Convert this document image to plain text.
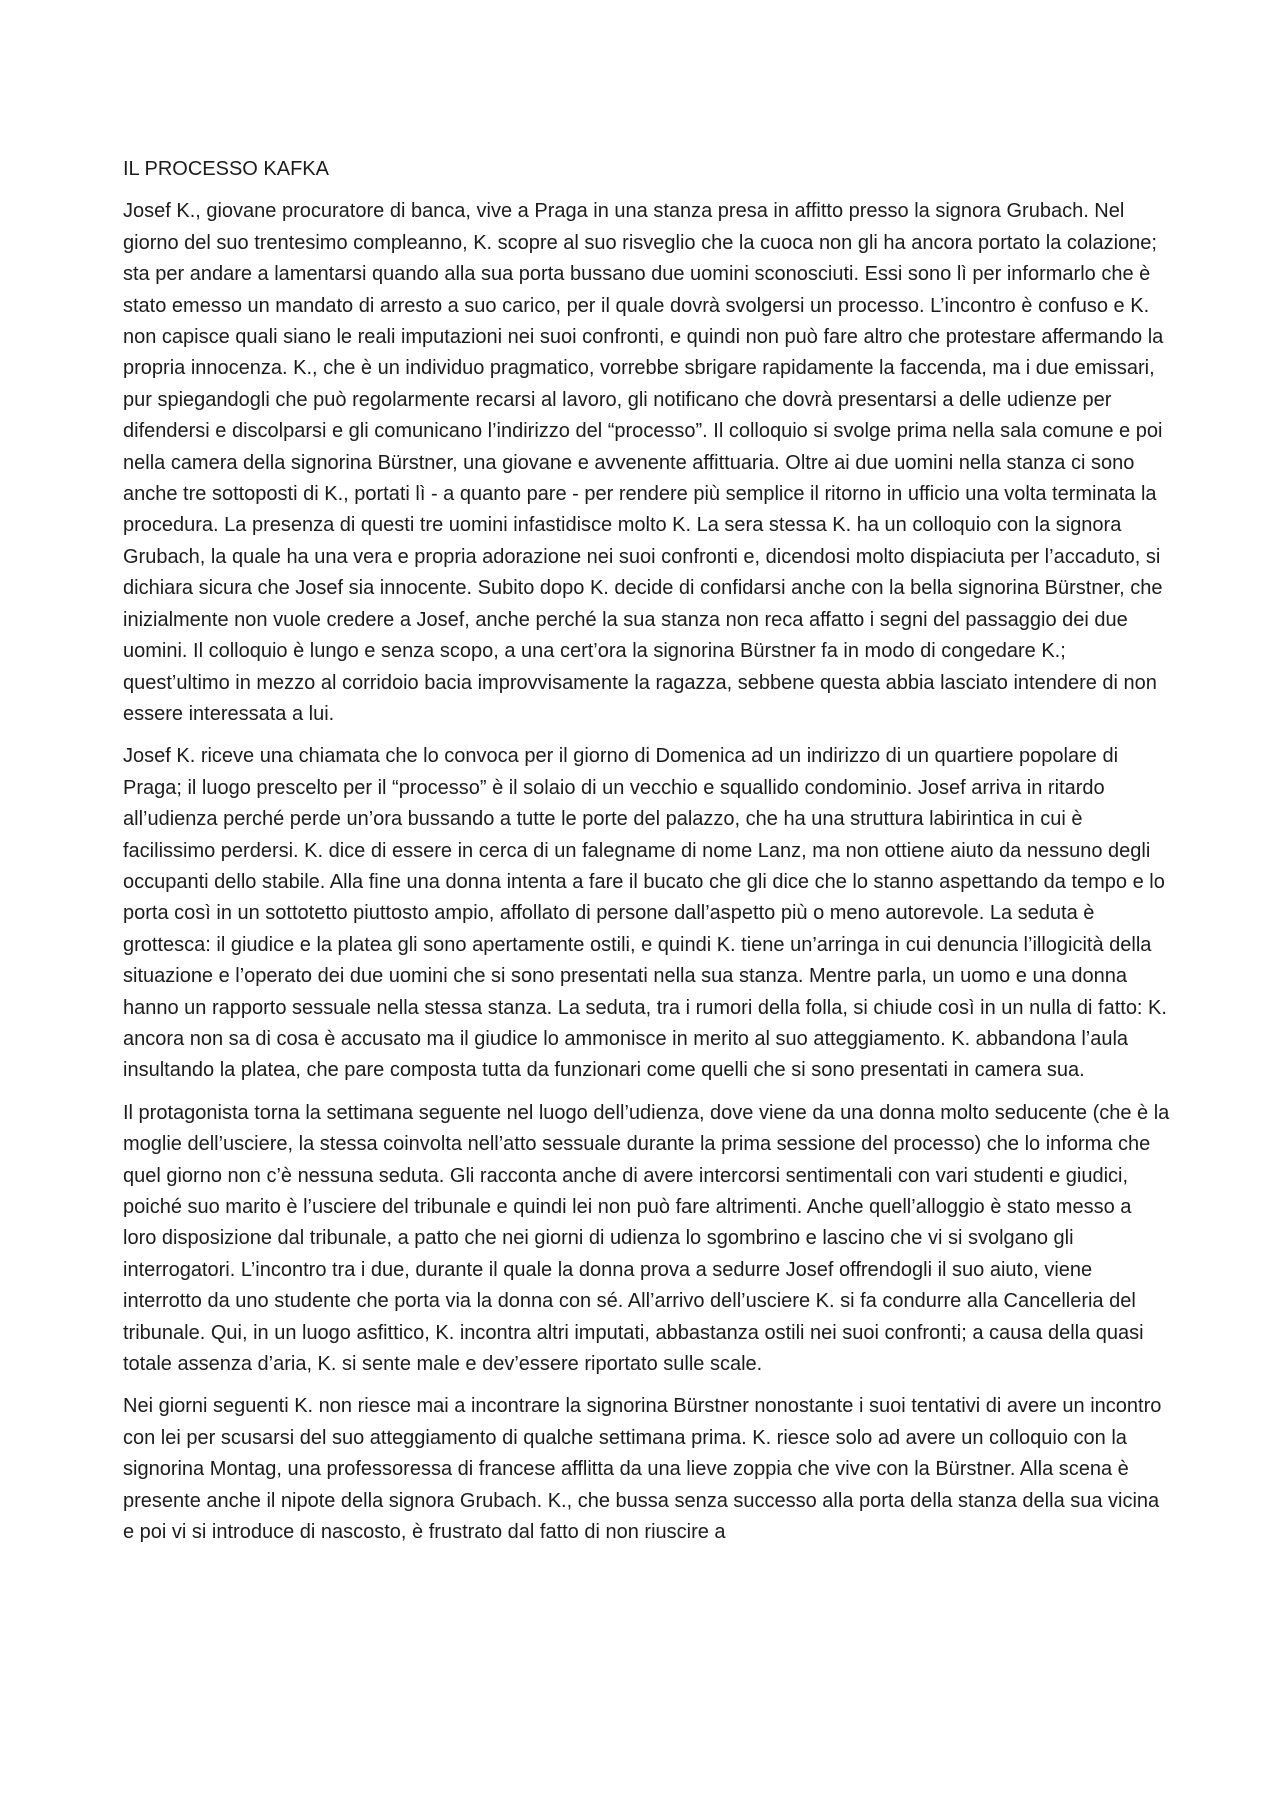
IL PROCESSO KAFKA

Josef K., giovane procuratore di banca, vive a Praga in una stanza presa in affitto presso la signora Grubach. Nel giorno del suo trentesimo compleanno, K. scopre al suo risveglio che la cuoca non gli ha ancora portato la colazione; sta per andare a lamentarsi quando alla sua porta bussano due uomini sconosciuti. Essi sono lì per informarlo che è stato emesso un mandato di arresto a suo carico, per il quale dovrà svolgersi un processo. L’incontro è confuso e K. non capisce quali siano le reali imputazioni nei suoi confronti, e quindi non può fare altro che protestare affermando la propria innocenza. K., che è un individuo pragmatico, vorrebbe sbrigare rapidamente la faccenda, ma i due emissari, pur spiegandogli che può regolarmente recarsi al lavoro, gli notificano che dovrà presentarsi a delle udienze per difendersi e discolparsi e gli comunicano l’indirizzo del “processo”. Il colloquio si svolge prima nella sala comune e poi nella camera della signorina Bürstner, una giovane e avvenente affittuaria. Oltre ai due uomini nella stanza ci sono anche tre sottoposti di K., portati lì - a quanto pare - per rendere più semplice il ritorno in ufficio una volta terminata la procedura. La presenza di questi tre uomini infastidisce molto K. La sera stessa K. ha un colloquio con la signora Grubach, la quale ha una vera e propria adorazione nei suoi confronti e, dicendosi molto dispiaciuta per l’accaduto, si dichiara sicura che Josef sia innocente. Subito dopo K. decide di confidarsi anche con la bella signorina Bürstner, che inizialmente non vuole credere a Josef, anche perché la sua stanza non reca affatto i segni del passaggio dei due uomini. Il colloquio è lungo e senza scopo, a una cert’ora la signorina Bürstner fa in modo di congedare K.; quest’ultimo in mezzo al corridoio bacia improvvisamente la ragazza, sebbene questa abbia lasciato intendere di non essere interessata a lui.

Josef K. riceve una chiamata che lo convoca per il giorno di Domenica ad un indirizzo di un quartiere popolare di Praga; il luogo prescelto per il “processo” è il solaio di un vecchio e squallido condominio. Josef arriva in ritardo all’udienza perché perde un’ora bussando a tutte le porte del palazzo, che ha una struttura labirintica in cui è facilissimo perdersi. K. dice di essere in cerca di un falegname di nome Lanz, ma non ottiene aiuto da nessuno degli occupanti dello stabile. Alla fine una donna intenta a fare il bucato che gli dice che lo stanno aspettando da tempo e lo porta così in un sottotetto piuttosto ampio, affollato di persone dall’aspetto più o meno autorevole. La seduta è grottesca: il giudice e la platea gli sono apertamente ostili, e quindi K. tiene un’arringa in cui denuncia l’illogicità della situazione e l’operato dei due uomini che si sono presentati nella sua stanza. Mentre parla, un uomo e una donna hanno un rapporto sessuale nella stessa stanza. La seduta, tra i rumori della folla, si chiude così in un nulla di fatto: K. ancora non sa di cosa è accusato ma il giudice lo ammonisce in merito al suo atteggiamento. K. abbandona l’aula insultando la platea, che pare composta tutta da funzionari come quelli che si sono presentati in camera sua.

Il protagonista torna la settimana seguente nel luogo dell’udienza, dove viene da una donna molto seducente (che è la moglie dell’usciere, la stessa coinvolta nell’atto sessuale durante la prima sessione del processo) che lo informa che quel giorno non c’è nessuna seduta. Gli racconta anche di avere intercorsi sentimentali con vari studenti e giudici, poiché suo marito è l’usciere del tribunale e quindi lei non può fare altrimenti. Anche quell’alloggio è stato messo a loro disposizione dal tribunale, a patto che nei giorni di udienza lo sgombrino e lascino che vi si svolgano gli interrogatori. L’incontro tra i due, durante il quale la donna prova a sedurre Josef offrendogli il suo aiuto, viene interrotto da uno studente che porta via la donna con sé. All’arrivo dell’usciere K. si fa condurre alla Cancelleria del tribunale. Qui, in un luogo asfittico, K. incontra altri imputati, abbastanza ostili nei suoi confronti; a causa della quasi totale assenza d’aria, K. si sente male e dev’essere riportato sulle scale.

Nei giorni seguenti K. non riesce mai a incontrare la signorina Bürstner nonostante i suoi tentativi di avere un incontro con lei per scusarsi del suo atteggiamento di qualche settimana prima. K. riesce solo ad avere un colloquio con la signorina Montag, una professoressa di francese afflitta da una lieve zoppia che vive con la Bürstner. Alla scena è presente anche il nipote della signora Grubach. K., che bussa senza successo alla porta della stanza della sua vicina e poi vi si introduce di nascosto, è frustrato dal fatto di non riuscire a
